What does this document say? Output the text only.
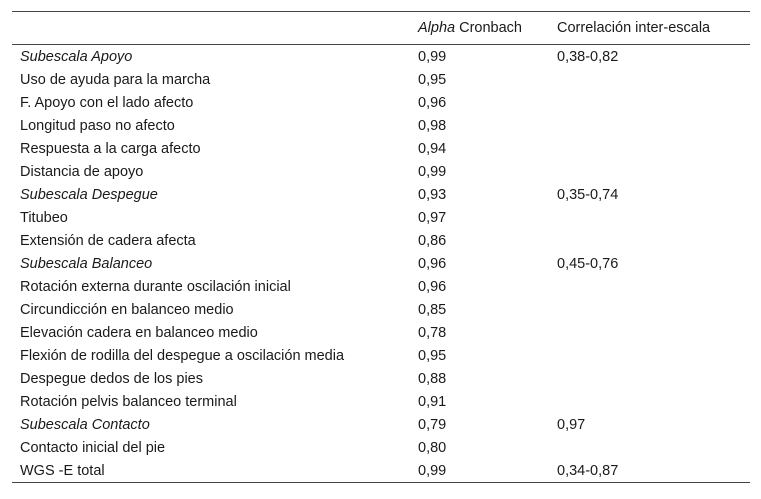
	Alpha Cronbach	Correlación inter-escala
Subescala Apoyo	0,99	0,38-0,82
Uso de ayuda para la marcha	0,95	
F. Apoyo con el lado afecto	0,96	
Longitud paso no afecto	0,98	
Respuesta a la carga afecto	0,94	
Distancia de apoyo	0,99	
Subescala Despegue	0,93	0,35-0,74
Titubeo	0,97	
Extensión de cadera afecta	0,86	
Subescala Balanceo	0,96	0,45-0,76
Rotación externa durante oscilación inicial	0,96	
Circundicción en balanceo medio	0,85	
Elevación cadera en balanceo medio	0,78	
Flexión de rodilla del despegue a oscilación media	0,95	
Despegue dedos de los pies	0,88	
Rotación pelvis balanceo terminal	0,91	
Subescala Contacto	0,79	0,97
Contacto inicial del pie	0,80	
WGS -E total	0,99	0,34-0,87
